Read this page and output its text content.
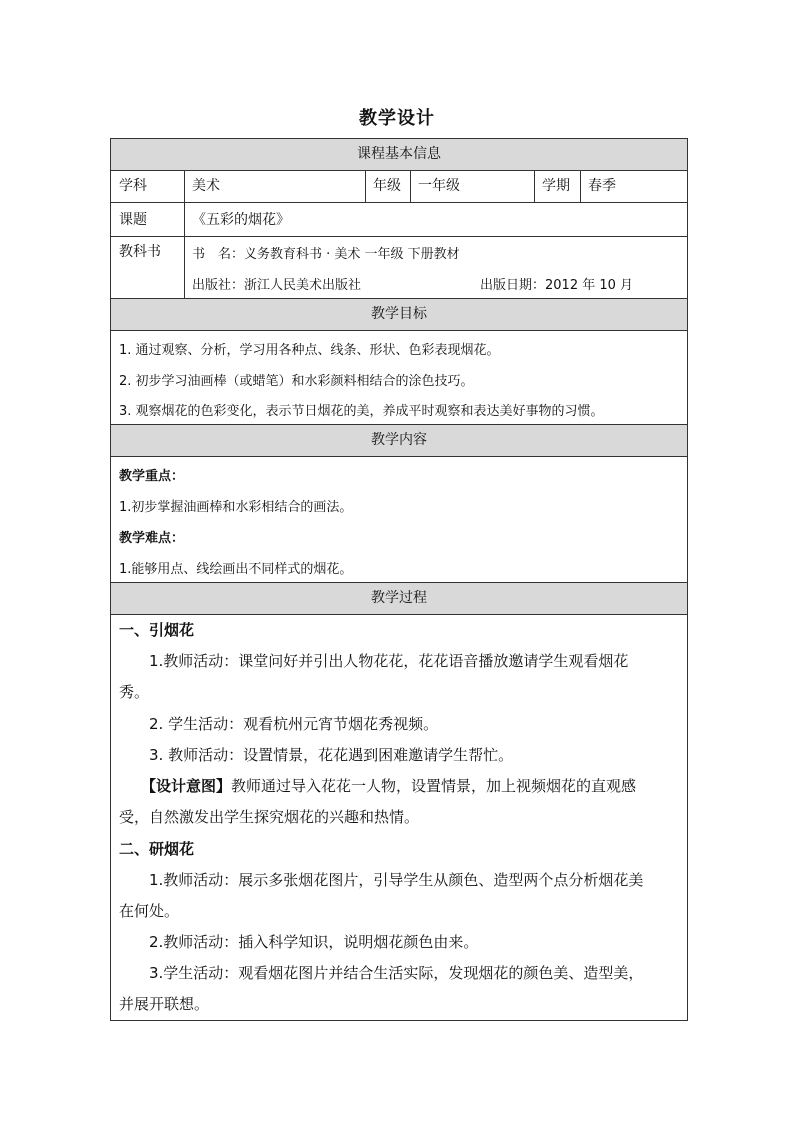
教学设计
课程基本信息
学科	美术	年级	一年级	学期	春季
课题	《五彩的烟花》
教科书 书　名：义务教育科书 · 美术 一年级 下册教材
出版社：浙江人民美术出版社	出版日期：2012 年 10 月
教学目标
1. 通过观察、分析，学习用各种点、线条、形状、色彩表现烟花。
2. 初步学习油画棒（或蜡笔）和水彩颜料相结合的涂色技巧。
3. 观察烟花的色彩变化，表示节日烟花的美，养成平时观察和表达美好事物的习惯。
教学内容
教学重点：
1.初步掌握油画棒和水彩相结合的画法。
教学难点：
1.能够用点、线绘画出不同样式的烟花。
教学过程
一、引烟花
1.教师活动：课堂问好并引出人物花花，花花语音播放邀请学生观看烟花
秀。
2. 学生活动：观看杭州元宵节烟花秀视频。
3. 教师活动：设置情景，花花遇到困难邀请学生帮忙。
【设计意图】教师通过导入花花一人物，设置情景，加上视频烟花的直观感
受，自然激发出学生探究烟花的兴趣和热情。
二、研烟花
1.教师活动：展示多张烟花图片，引导学生从颜色、造型两个点分析烟花美
在何处。
2.教师活动：插入科学知识，说明烟花颜色由来。
3.学生活动：观看烟花图片并结合生活实际，发现烟花的颜色美、造型美，
并展开联想。
